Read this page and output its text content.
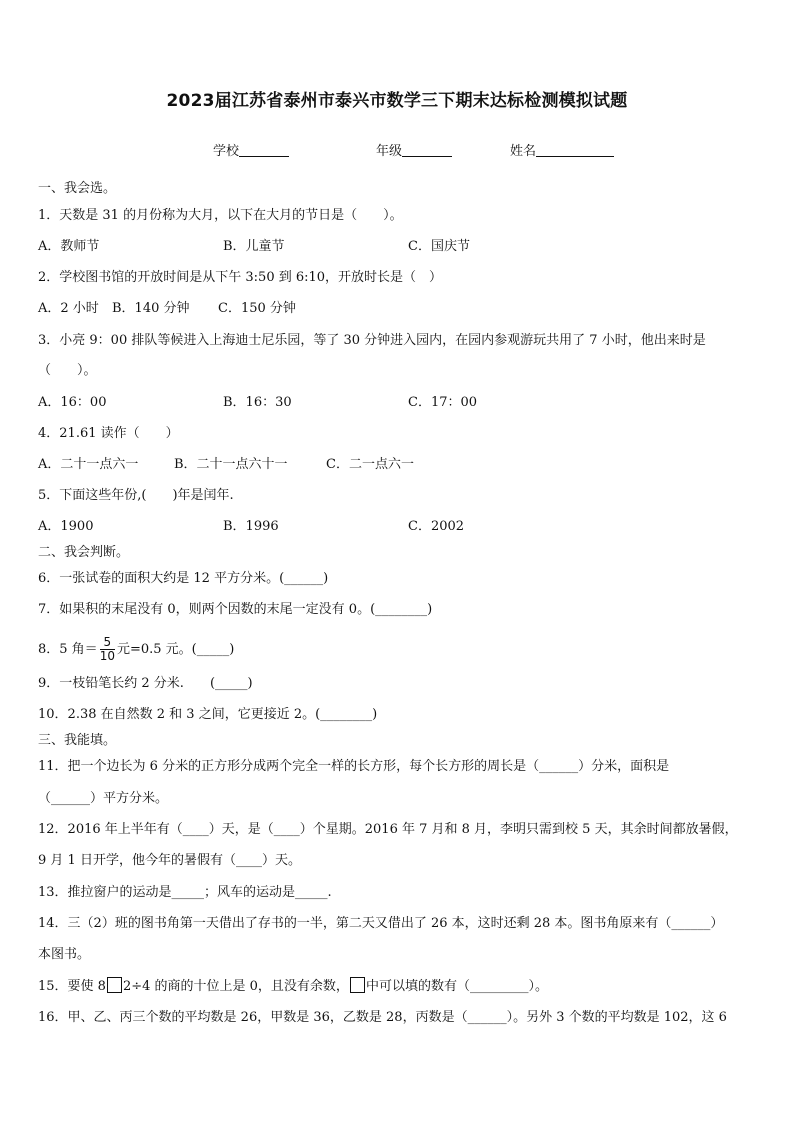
2023届江苏省泰州市泰兴市数学三下期末达标检测模拟试题
学校	年级	姓名
一、我会选。
1．天数是 31 的月份称为大月，以下在大月的节日是（　　）。
A．教师节	B．儿童节	C．国庆节
2．学校图书馆的开放时间是从下午 3:50 到 6:10，开放时长是（　）
A．2 小时 B．140 分钟 C．150 分钟
3．小亮 9：00 排队等候进入上海迪士尼乐园，等了 30 分钟进入园内，在园内参观游玩共用了 7 小时，他出来时是
（　　）。
A．16：00	B．16：30	C．17：00
4．21.61 读作（　　）
A．二十一点六一	B．二十一点六十一	C．二一点六一
5．下面这些年份,(　　)年是闰年.
A．1900	B．1996	C．2002
二、我会判断。
6．一张试卷的面积大约是 12 平方分米。(______)
7．如果积的末尾没有 0，则两个因数的末尾一定没有 0。(________)
8．5 角＝ $\frac{5}{10}$ 元=0.5 元。(_____)
9．一枝铅笔长约 2 分米.　　(_____)
10．2.38 在自然数 2 和 3 之间，它更接近 2。(________)
三、我能填。
11．把一个边长为 6 分米的正方形分成两个完全一样的长方形，每个长方形的周长是（______）分米，面积是
（______）平方分米。
12．2016 年上半年有（____）天，是（____）个星期。2016 年 7 月和 8 月，李明只需到校 5 天，其余时间都放暑假，
9 月 1 日开学，他今年的暑假有（____）天。
13．推拉窗户的运动是_____；风车的运动是_____.
14．三（2）班的图书角第一天借出了存书的一半，第二天又借出了 26 本，这时还剩 28 本。图书角原来有（______）
本图书。
15．要使 8 2÷4 的商的十位上是 0，且没有余数， 中可以填的数有（_________）。
16．甲、乙、丙三个数的平均数是 26，甲数是 36，乙数是 28，丙数是（______）。另外 3 个数的平均数是 102，这 6
